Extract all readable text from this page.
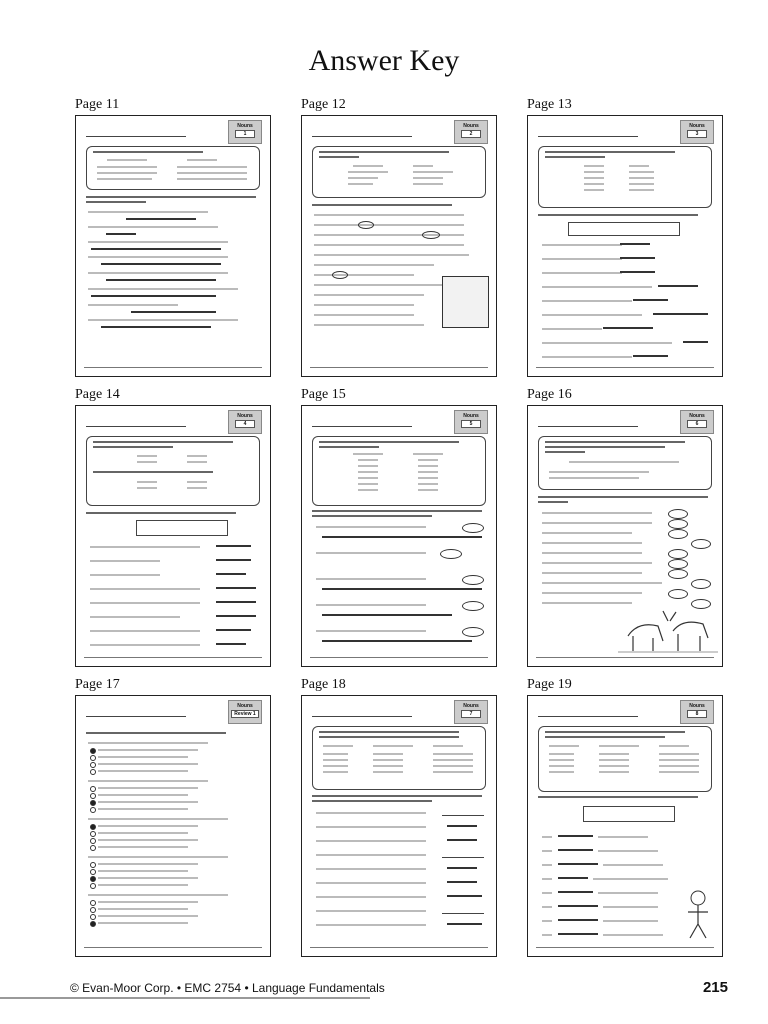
Answer Key
Page 11	Page 12	Page 13
Nouns
1
Nouns
2
Nouns
3
Page 14	Page 15	Page 16
Nouns
4
Nouns
5
Nouns
6
Page 17	Page 18	Page 19
Nouns
Review 1
Nouns
7
Nouns
8
© Evan-Moor Corp. • EMC 2754 • Language Fundamentals	215
